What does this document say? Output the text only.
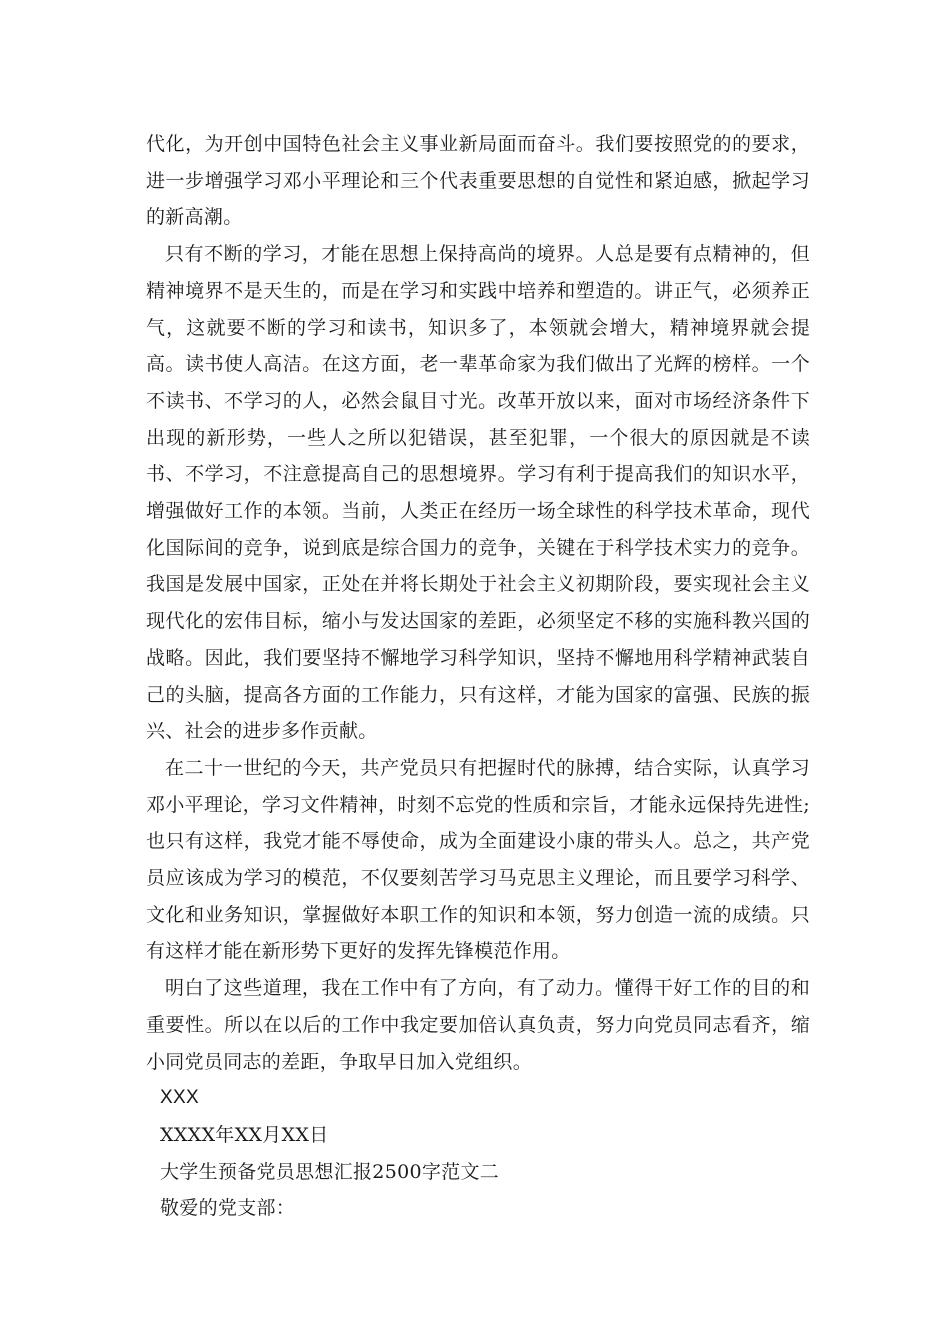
代化，为开创中国特色社会主义事业新局面而奋斗。我们要按照党的的要求，进一步增强学习邓小平理论和三个代表重要思想的自觉性和紧迫感，掀起学习的新高潮。

只有不断的学习，才能在思想上保持高尚的境界。人总是要有点精神的，但精神境界不是天生的，而是在学习和实践中培养和塑造的。讲正气，必须养正气，这就要不断的学习和读书，知识多了，本领就会增大，精神境界就会提高。读书使人高洁。在这方面，老一辈革命家为我们做出了光辉的榜样。一个不读书、不学习的人，必然会鼠目寸光。改革开放以来，面对市场经济条件下出现的新形势，一些人之所以犯错误，甚至犯罪，一个很大的原因就是不读书、不学习，不注意提高自己的思想境界。学习有利于提高我们的知识水平，增强做好工作的本领。当前，人类正在经历一场全球性的科学技术革命，现代化国际间的竞争，说到底是综合国力的竞争，关键在于科学技术实力的竞争。我国是发展中国家，正处在并将长期处于社会主义初期阶段，要实现社会主义现代化的宏伟目标，缩小与发达国家的差距，必须坚定不移的实施科教兴国的战略。因此，我们要坚持不懈地学习科学知识，坚持不懈地用科学精神武装自己的头脑，提高各方面的工作能力，只有这样，才能为国家的富强、民族的振兴、社会的进步多作贡献。

在二十一世纪的今天，共产党员只有把握时代的脉搏，结合实际，认真学习邓小平理论，学习文件精神，时刻不忘党的性质和宗旨，才能永远保持先进性;也只有这样，我党才能不辱使命，成为全面建设小康的带头人。总之，共产党员应该成为学习的模范，不仅要刻苦学习马克思主义理论，而且要学习科学、文化和业务知识，掌握做好本职工作的知识和本领，努力创造一流的成绩。只有这样才能在新形势下更好的发挥先锋模范作用。

明白了这些道理，我在工作中有了方向，有了动力。懂得干好工作的目的和重要性。所以在以后的工作中我定要加倍认真负责，努力向党员同志看齐，缩小同党员同志的差距，争取早日加入党组织。

XXX

XXXX年XX月XX日

大学生预备党员思想汇报2500字范文二

敬爱的党支部：
